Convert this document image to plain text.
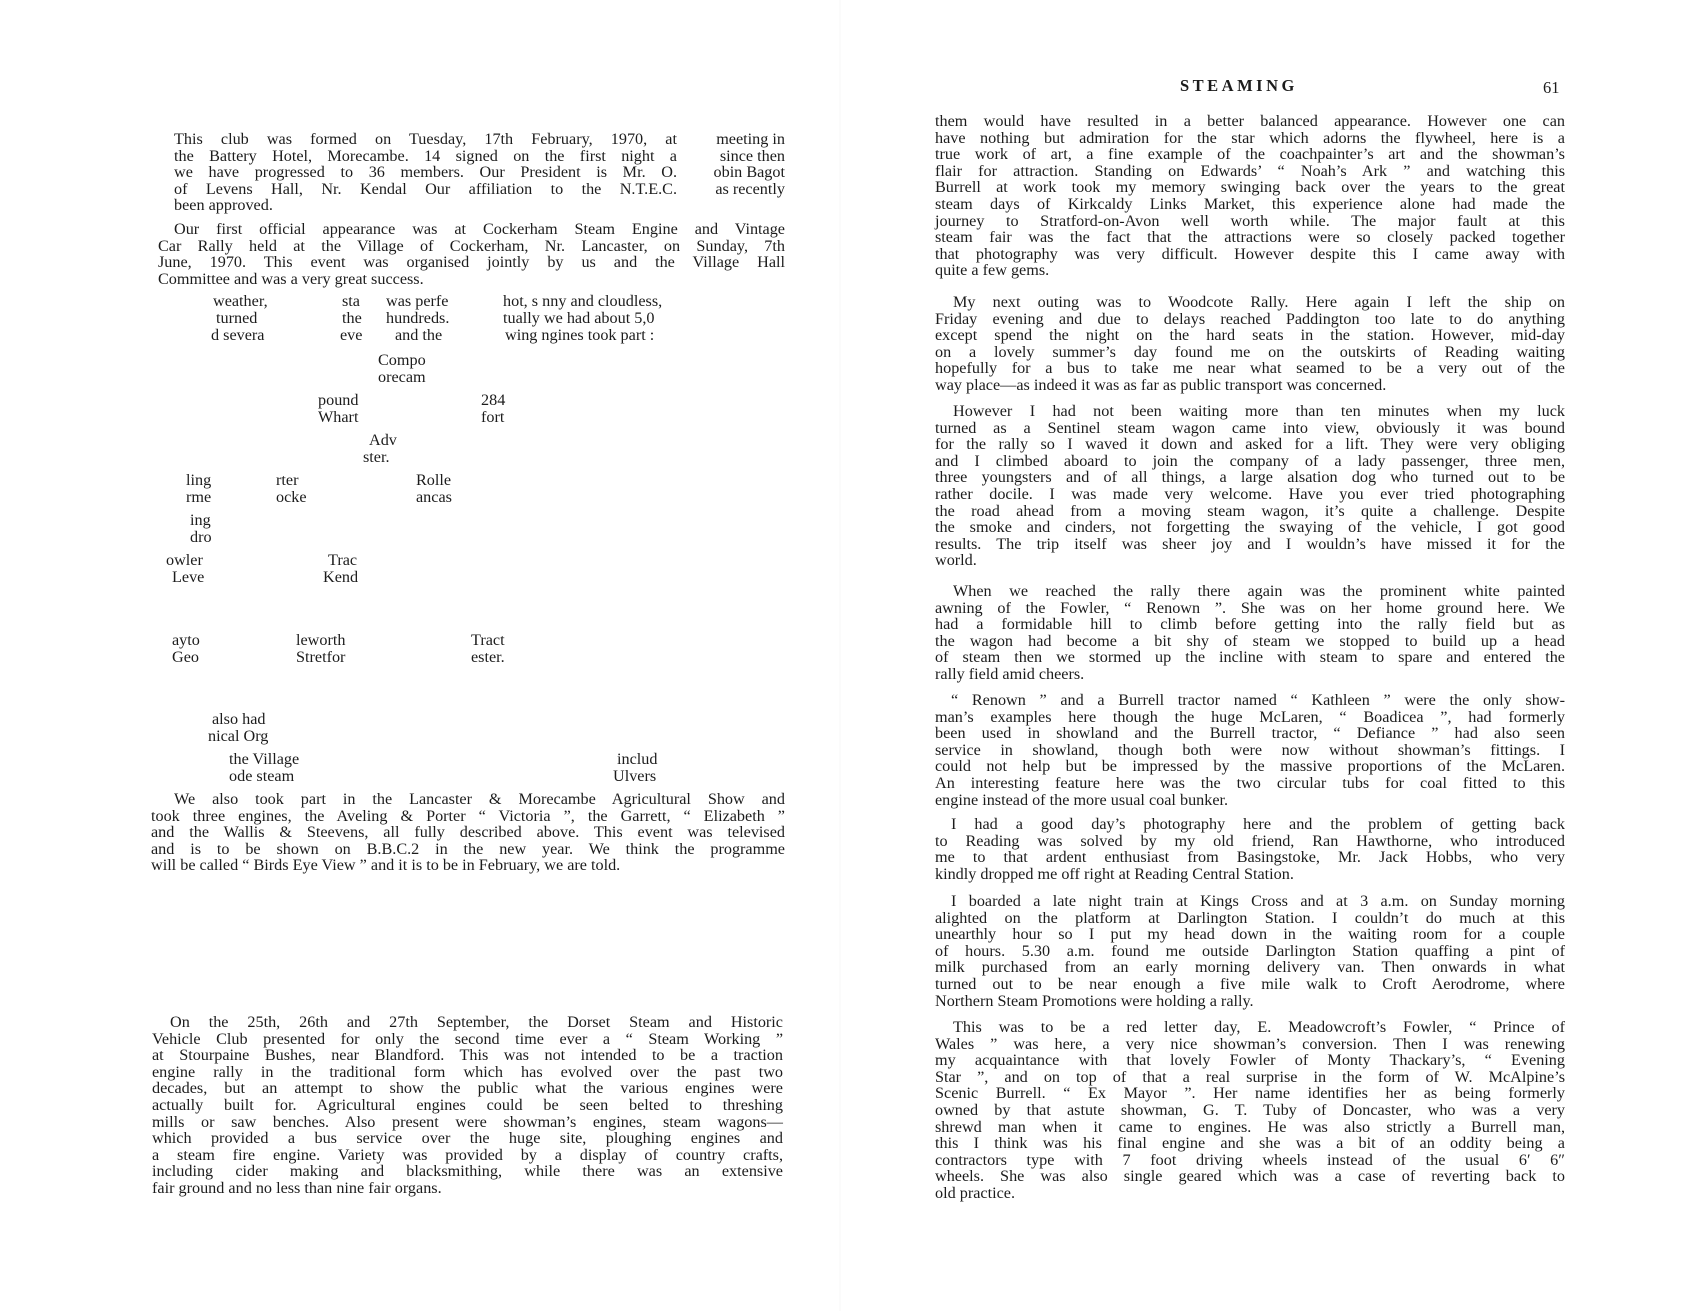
This club was formed on Tuesday, 17th February, 1970, at
the Battery Hotel, Morecambe. 14 signed on the first night a
we have progressed to 36 members. Our President is Mr. O.
of Levens Hall, Nr. Kendal Our affiliation to the N.T.E.C.
been approved.
meeting in
since then
obin Bagot
as recently
Our first official appearance was at Cockerham Steam Engine and Vintage
Car Rally held at the Village of Cockerham, Nr. Lancaster, on Sunday, 7th
June, 1970. This event was organised jointly by us and the Village Hall
Committee and was a very great success.
weather,
turned
d severa
sta
the
eve
was perfe
hundreds.
and the
hot, s nny and cloudless,
tually we had about 5,0
wing ngines took part :
Compo
orecam
pound
Whart
284
fort
Adv
ster.
ling
rme
rter
ocke
Rolle
ancas
ing
dro
owler
Leve
Trac
Kend
ayto
Geo
leworth
Stretfor
Tract
ester.
also had
nical Org
the Village
ode steam
includ
Ulvers
We also took part in the Lancaster & Morecambe Agricultural Show and
took three engines, the Aveling & Porter “ Victoria ”, the Garrett, “ Elizabeth ”
and the Wallis & Steevens, all fully described above. This event was televised
and is to be shown on B.B.C.2 in the new year. We think the programme
will be called “ Birds Eye View ” and it is to be in February, we are told.
On the 25th, 26th and 27th September, the Dorset Steam and Historic
Vehicle Club presented for only the second time ever a “ Steam Working ”
at Stourpaine Bushes, near Blandford. This was not intended to be a traction
engine rally in the traditional form which has evolved over the past two
decades, but an attempt to show the public what the various engines were
actually built for. Agricultural engines could be seen belted to threshing
mills or saw benches. Also present were showman’s engines, steam wagons—
which provided a bus service over the huge site, ploughing engines and
a steam fire engine. Variety was provided by a display of country crafts,
including cider making and blacksmithing, while there was an extensive
fair ground and no less than nine fair organs.
STEAMING	61
them would have resulted in a better balanced appearance. However one can
have nothing but admiration for the star which adorns the flywheel, here is a
true work of art, a fine example of the coachpainter’s art and the showman’s
flair for attraction. Standing on Edwards’ “ Noah’s Ark ” and watching this
Burrell at work took my memory swinging back over the years to the great
steam days of Kirkcaldy Links Market, this experience alone had made the
journey to Stratford-on-Avon well worth while. The major fault at this
steam fair was the fact that the attractions were so closely packed together
that photography was very difficult. However despite this I came away with
quite a few gems.
My next outing was to Woodcote Rally. Here again I left the ship on
Friday evening and due to delays reached Paddington too late to do anything
except spend the night on the hard seats in the station. However, mid-day
on a lovely summer’s day found me on the outskirts of Reading waiting
hopefully for a bus to take me near what seamed to be a very out of the
way place—as indeed it was as far as public transport was concerned.
However I had not been waiting more than ten minutes when my luck
turned as a Sentinel steam wagon came into view, obviously it was bound
for the rally so I waved it down and asked for a lift. They were very obliging
and I climbed aboard to join the company of a lady passenger, three men,
three youngsters and of all things, a large alsation dog who turned out to be
rather docile. I was made very welcome. Have you ever tried photographing
the road ahead from a moving steam wagon, it’s quite a challenge. Despite
the smoke and cinders, not forgetting the swaying of the vehicle, I got good
results. The trip itself was sheer joy and I wouldn’s have missed it for the
world.
When we reached the rally there again was the prominent white painted
awning of the Fowler, “ Renown ”. She was on her home ground here. We
had a formidable hill to climb before getting into the rally field but as
the wagon had become a bit shy of steam we stopped to build up a head
of steam then we stormed up the incline with steam to spare and entered the
rally field amid cheers.
“ Renown ” and a Burrell tractor named “ Kathleen ” were the only show-
man’s examples here though the huge McLaren, “ Boadicea ”, had formerly
been used in showland and the Burrell tractor, “ Defiance ” had also seen
service in showland, though both were now without showman’s fittings. I
could not help but be impressed by the massive proportions of the McLaren.
An interesting feature here was the two circular tubs for coal fitted to this
engine instead of the more usual coal bunker.
I had a good day’s photography here and the problem of getting back
to Reading was solved by my old friend, Ran Hawthorne, who introduced
me to that ardent enthusiast from Basingstoke, Mr. Jack Hobbs, who very
kindly dropped me off right at Reading Central Station.
I boarded a late night train at Kings Cross and at 3 a.m. on Sunday morning
alighted on the platform at Darlington Station. I couldn’t do much at this
unearthly hour so I put my head down in the waiting room for a couple
of hours. 5.30 a.m. found me outside Darlington Station quaffing a pint of
milk purchased from an early morning delivery van. Then onwards in what
turned out to be near enough a five mile walk to Croft Aerodrome, where
Northern Steam Promotions were holding a rally.
This was to be a red letter day, E. Meadowcroft’s Fowler, “ Prince of
Wales ” was here, a very nice showman’s conversion. Then I was renewing
my acquaintance with that lovely Fowler of Monty Thackary’s, “ Evening
Star ”, and on top of that a real surprise in the form of W. McAlpine’s
Scenic Burrell. “ Ex Mayor ”. Her name identifies her as being formerly
owned by that astute showman, G. T. Tuby of Doncaster, who was a very
shrewd man when it came to engines. He was also strictly a Burrell man,
this I think was his final engine and she was a bit of an oddity being a
contractors type with 7 foot driving wheels instead of the usual 6′ 6″
wheels. She was also single geared which was a case of reverting back to
old practice.
